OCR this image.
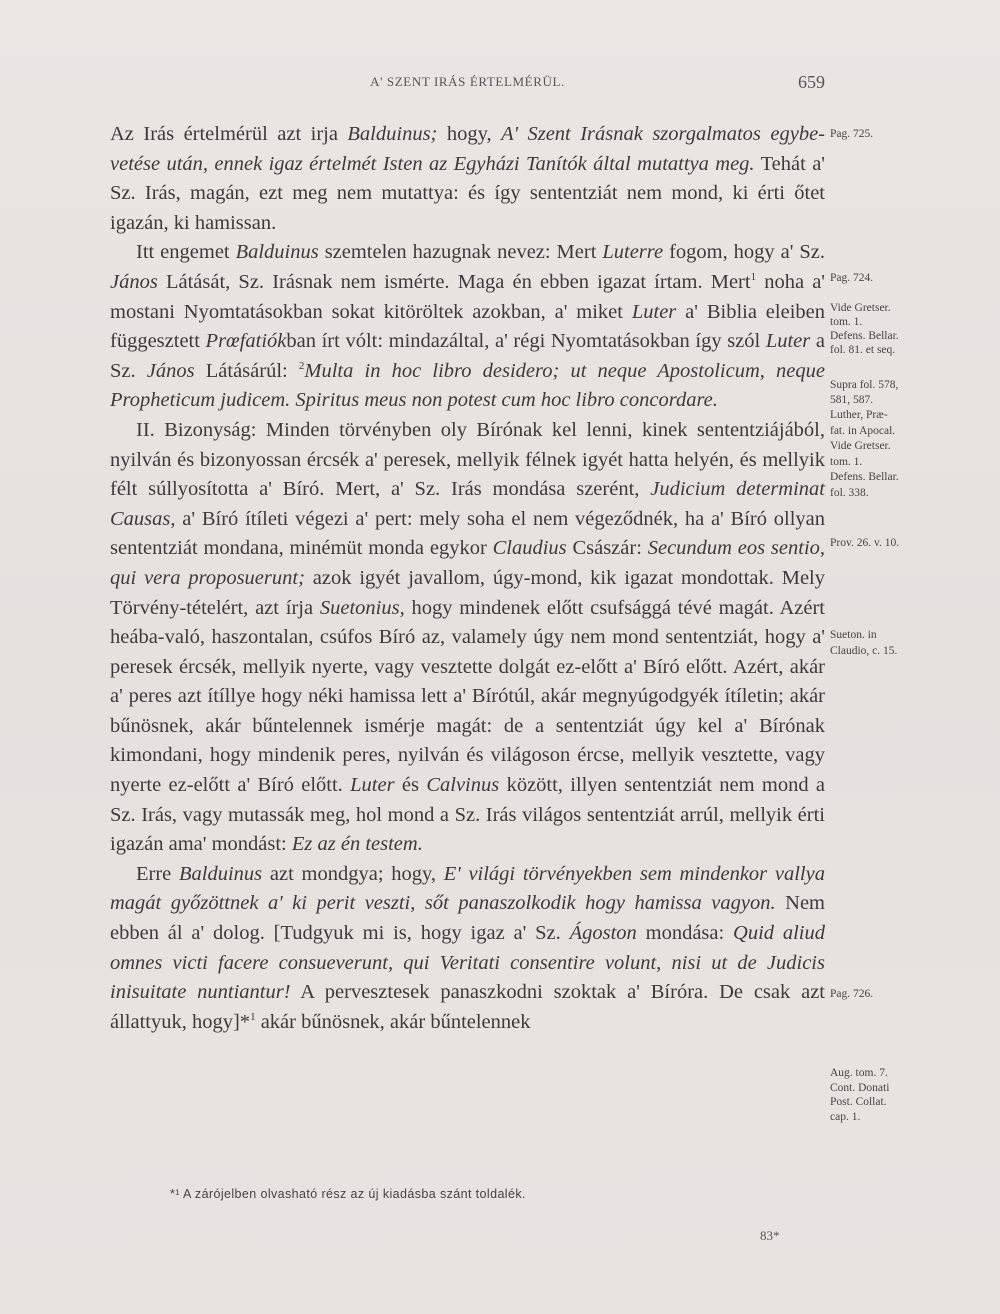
A' SZENT IRÁS ÉRTELMÉRÜL.	659

Az Irás értelmérül azt irja Balduinus; hogy, A' Szent Irásnak szorgalmatos egybe-vetése után, ennek igaz értelmét Isten az Egyházi Tanítók által mutattya meg. Tehát a' Sz. Irás, magán, ezt meg nem mutattya: és így sententziát nem mond, ki érti őtet igazán, ki hamissan.

Itt engemet Balduinus szemtelen hazugnak nevez: Mert Luterre fogom, hogy a' Sz. János Látását, Sz. Irásnak nem ismérte. Maga én ebben igazat írtam. Mert$^1$ noha a' mostani Nyomtatásokban sokat kitöröltek azokban, a' miket Luter a' Biblia eleiben függesztett Prœfatiókban írt vólt: mindazáltal, a' régi Nyomtatásokban így szól Luter a Sz. János Látásárúl: $^2$Multa in hoc libro desidero; ut neque Apostolicum, neque Propheticum judicem. Spiritus meus non potest cum hoc libro concordare.

II. Bizonyság: Minden törvényben oly Bírónak kel lenni, kinek sententziájából, nyilván és bizonyossan ércsék a' peresek, mellyik félnek igyét hatta helyén, és mellyik félt súllyosította a' Bíró. Mert, a' Sz. Irás mondása szerént, Judicium determinat Causas, a' Bíró ítíleti végezi a' pert: mely soha el nem végeződnék, ha a' Bíró ollyan sententziát mondana, minémüt monda egykor Claudius Császár: Secundum eos sentio, qui vera proposuerunt; azok igyét javallom, úgy-mond, kik igazat mondottak. Mely Törvény-tételért, azt írja Suetonius, hogy mindenek előtt csufsággá tévé magát. Azért heába-való, haszontalan, csúfos Bíró az, valamely úgy nem mond sententziát, hogy a' peresek ércsék, mellyik nyerte, vagy vesztette dolgát ez-előtt a' Bíró előtt. Azért, akár a' peres azt ítíllye hogy néki hamissa lett a' Bírótúl, akár megnyúgodgyék ítíletin; akár bűnösnek, akár bűntelennek ismérje magát: de a sententziát úgy kel a' Bírónak kimondani, hogy mindenik peres, nyilván és világoson ércse, mellyik vesztette, vagy nyerte ez-előtt a' Bíró előtt. Luter és Calvinus között, illyen sententziát nem mond a Sz. Irás, vagy mutassák meg, hol mond a Sz. Irás világos sententziát arrúl, mellyik érti igazán ama' mondást: Ez az én testem.

Erre Balduinus azt mondgya; hogy, E' világi törvényekben sem mindenkor vallya magát győzöttnek a' ki perit veszti, sőt panaszolkodik hogy hamissa vagyon. Nem ebben ál a' dolog. [Tudgyuk mi is, hogy igaz a' Sz. Ágoston mondása: Quid aliud omnes victi facere consueverunt, qui Veritati consentire volunt, nisi ut de Judicis inisuitate nuntiantur! A pervesztesek panaszkodni szoktak a' Bíróra. De csak azt állattyuk, hogy]*$^1$ akár bűnösnek, akár bűntelennek

Pag. 725.
Pag. 724.
Vide Gretser.
tom. 1.
Defens. Bellar.
fol. 81. et seq.
Supra fol. 578,
581, 587.
Luther, Præ-
fat. in Apocal.
Vide Gretser.
tom. 1.
Defens. Bellar.
fol. 338.
Prov. 26. v. 10.
Sueton. in
Claudio, c. 15.
Pag. 726.
Aug. tom. 7.
Cont. Donati
Post. Collat.
cap. 1.
*¹ A zárójelben olvasható rész az új kiadásba szánt toldalék.
83*
